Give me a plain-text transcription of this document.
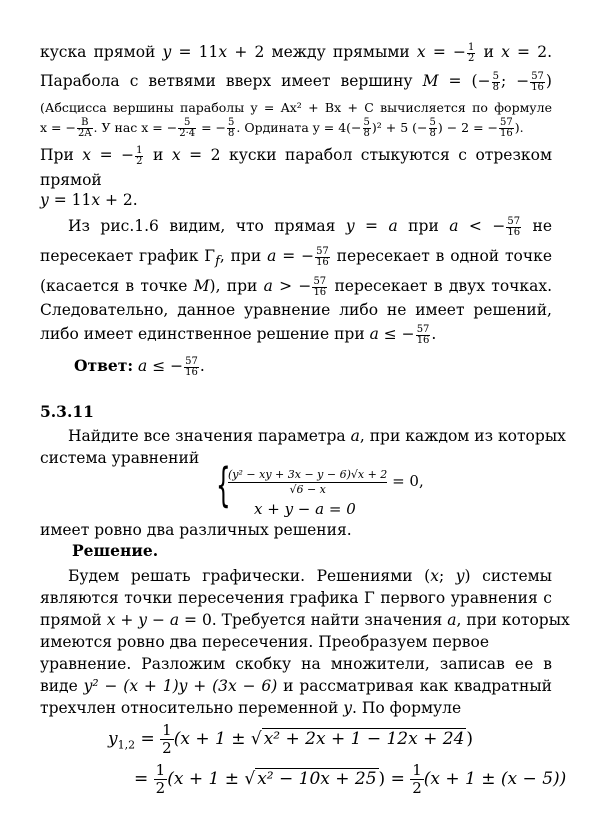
куска прямой y = 11x + 2 между прямыми x = − $\frac{1}{2}$ и x = 2.
Парабола с ветвями вверх имеет вершину M = (− $\frac{5}{8}$ ; − $\frac{57}{16}$ )
(Абсцисса вершины параболы y = Ax² + Bx + C вычисляется по формуле
x = − $\frac{B}{2A}$ . У нас x = − $\frac{5}{2\cdot 4}$ = − $\frac{5}{8}$ . Ордината $y = 4(- \frac{5}{8} )^2 + 5$ (− $\frac{5}{8}$ ) − 2 = − $\frac{57}{16}$ ).
При x = − $\frac{1}{2}$ и x = 2 куски парабол стыкуются с отрезком
прямой
y = 11x + 2.
Из рис.1.6 видим, что прямая y = a при a < − $\frac{57}{16}$ не
пересекает график $\Gamma_f$, при a = − $\frac{57}{16}$ пересекает в одной точке
(касается в точке M), при a > − $\frac{57}{16}$ пересекает в двух точках.
Следовательно, данное уравнение либо не имеет решений,
либо имеет единственное решение при a ≤ − $\frac{57}{16}$ .
Ответ: a ≤ − $\frac{57}{16}$ .
5.3.11
Найдите все значения параметра a, при каждом из которых
система уравнений {
$\frac{\text{(y² − xy + 3x − y − 6)√x + 2}}{√6 - x} = 0$,
x + y − a = 0
имеет ровно два различных решения.
Решение.
Будем решать графически. Решениями (x; y) системы
являются точки пересечения графика Γ первого уравнения с
прямой x + y − a = 0. Требуется найти значения a, при которых
имеются ровно два пересечения. Преобразуем первое
уравнение. Разложим скобку на множители, записав ее в
виде y² − (x + 1)y + (3x − 6) и рассматривая как квадратный
трехчлен относительно переменной y. По формуле
$y_{1,2} = \frac{1}{2} (x + 1$ ± √ x² + 2x + 1 − 12x + 24 )
= $\frac{1}{2} (x + 1$ ± √ x² − 10x + 25 ) = $\frac{1}{2} (x + 1 \pm (x - 5))$
